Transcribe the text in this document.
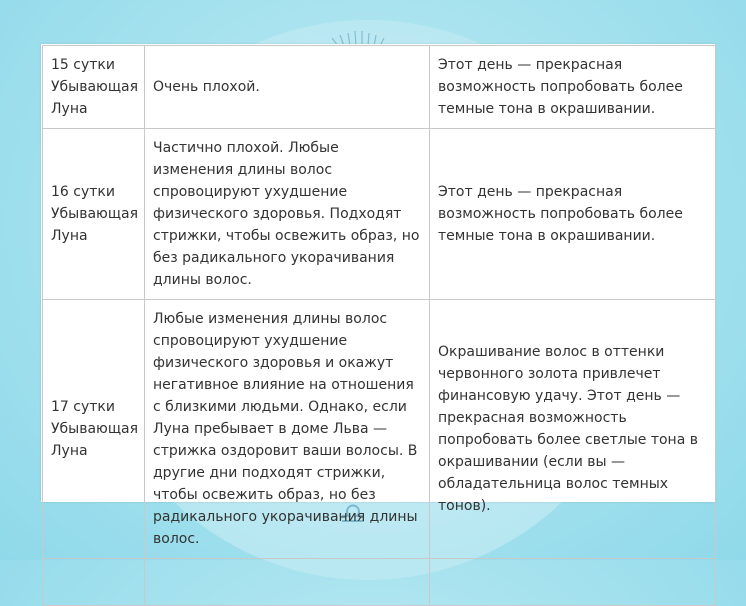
15 сутки Убывающая Луна	Очень плохой.	Этот день — прекрасная возможность попробовать более темные тона в окрашивании.
16 сутки Убывающая Луна	Частично плохой. Любые изменения длины волос спровоцируют ухудшение физического здоровья. Подходят стрижки, чтобы освежить образ, но без радикального укорачивания длины волос.	Этот день — прекрасная возможность попробовать более темные тона в окрашивании.
17 сутки Убывающая Луна	Любые изменения длины волос спровоцируют ухудшение физического здоровья и окажут негативное влияние на отношения с близкими людьми. Однако, если Луна пребывает в доме Льва — стрижка оздоровит ваши волосы. В другие дни подходят стрижки, чтобы освежить образ, но без радикального укорачивания длины волос.	Окрашивание волос в оттенки червонного золота привлечет финансовую удачу. Этот день — прекрасная возможность попробовать более светлые тона в окрашивании (если вы — обладательница волос темных тонов).
